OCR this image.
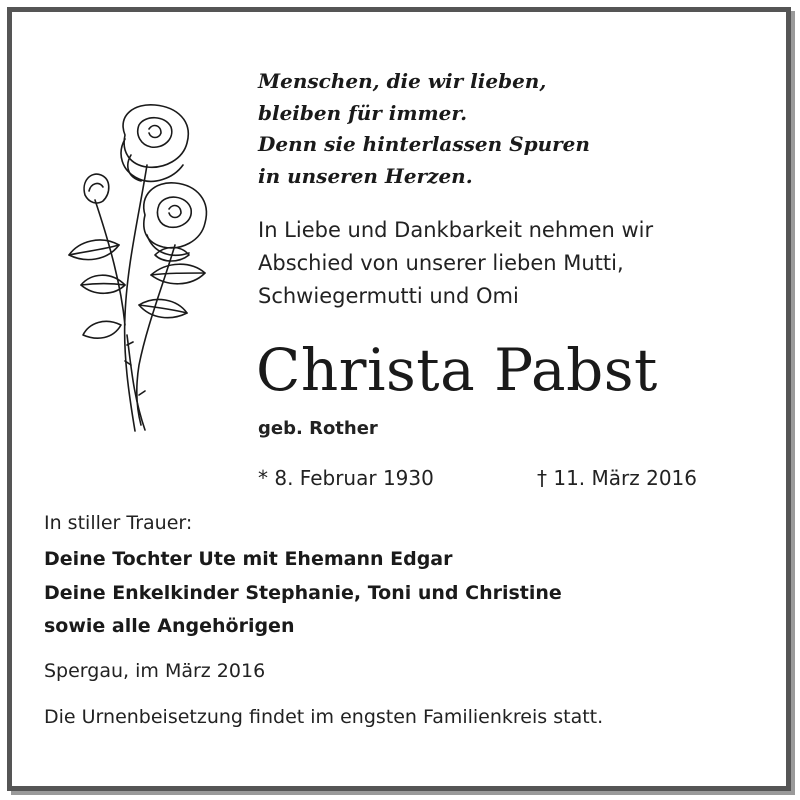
Menschen, die wir lieben,
bleiben für immer.
Denn sie hinterlassen Spuren
in unseren Herzen.
In Liebe und Dankbarkeit nehmen wir
Abschied von unserer lieben Mutti,
Schwiegermutti und Omi
Christa Pabst
geb. Rother
* 8. Februar 1930	† 11. März 2016
In stiller Trauer:
Deine Tochter Ute mit Ehemann Edgar
Deine Enkelkinder Stephanie, Toni und Christine
sowie alle Angehörigen
Spergau, im März 2016
Die Urnenbeisetzung findet im engsten Familienkreis statt.
